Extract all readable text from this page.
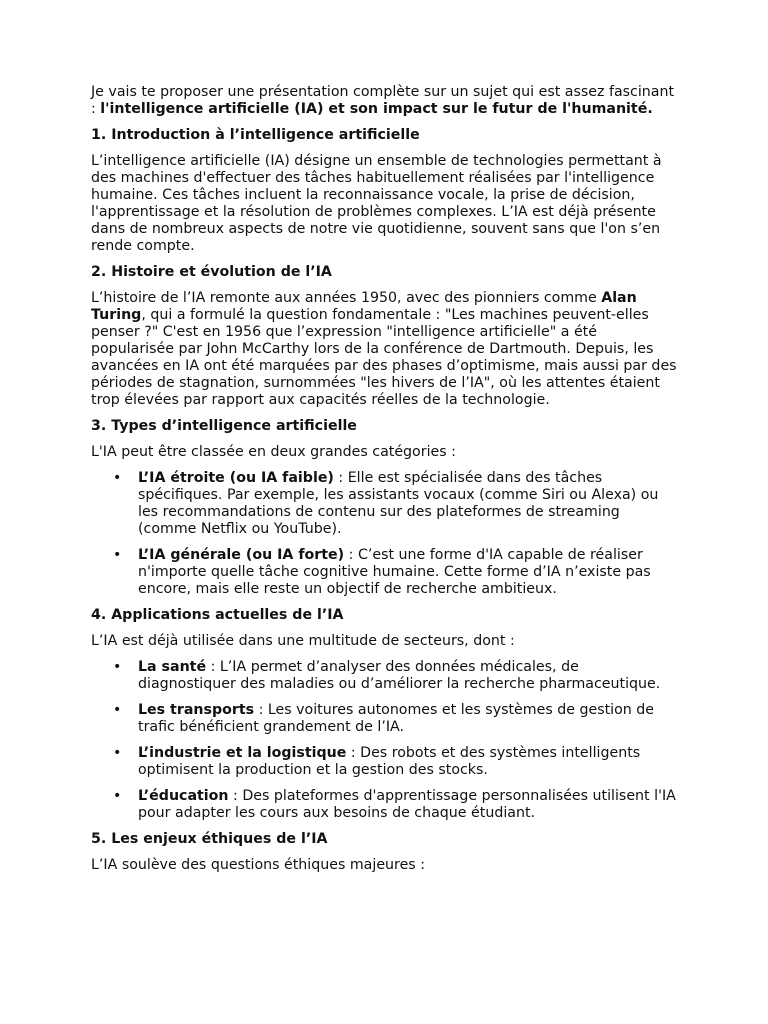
Je vais te proposer une présentation complète sur un sujet qui est assez fascinant : l'intelligence artificielle (IA) et son impact sur le futur de l'humanité.

1. Introduction à l’intelligence artificielle

L’intelligence artificielle (IA) désigne un ensemble de technologies permettant à des machines d'effectuer des tâches habituellement réalisées par l'intelligence humaine. Ces tâches incluent la reconnaissance vocale, la prise de décision, l'apprentissage et la résolution de problèmes complexes. L’IA est déjà présente dans de nombreux aspects de notre vie quotidienne, souvent sans que l'on s’en rende compte.

2. Histoire et évolution de l’IA

L’histoire de l’IA remonte aux années 1950, avec des pionniers comme Alan Turing, qui a formulé la question fondamentale : "Les machines peuvent-elles penser ?" C'est en 1956 que l’expression "intelligence artificielle" a été popularisée par John McCarthy lors de la conférence de Dartmouth. Depuis, les avancées en IA ont été marquées par des phases d’optimisme, mais aussi par des périodes de stagnation, surnommées "les hivers de l’IA", où les attentes étaient trop élevées par rapport aux capacités réelles de la technologie.

3. Types d’intelligence artificielle

L'IA peut être classée en deux grandes catégories :

• L’IA étroite (ou IA faible) : Elle est spécialisée dans des tâches spécifiques. Par exemple, les assistants vocaux (comme Siri ou Alexa) ou les recommandations de contenu sur des plateformes de streaming (comme Netflix ou YouTube).
• L’IA générale (ou IA forte) : C’est une forme d'IA capable de réaliser n'importe quelle tâche cognitive humaine. Cette forme d’IA n’existe pas encore, mais elle reste un objectif de recherche ambitieux.
4. Applications actuelles de l’IA

L’IA est déjà utilisée dans une multitude de secteurs, dont :

• La santé : L’IA permet d’analyser des données médicales, de diagnostiquer des maladies ou d’améliorer la recherche pharmaceutique.
• Les transports : Les voitures autonomes et les systèmes de gestion de trafic bénéficient grandement de l’IA.
• L’industrie et la logistique : Des robots et des systèmes intelligents optimisent la production et la gestion des stocks.
• L’éducation : Des plateformes d'apprentissage personnalisées utilisent l'IA pour adapter les cours aux besoins de chaque étudiant.
5. Les enjeux éthiques de l’IA

L’IA soulève des questions éthiques majeures :
